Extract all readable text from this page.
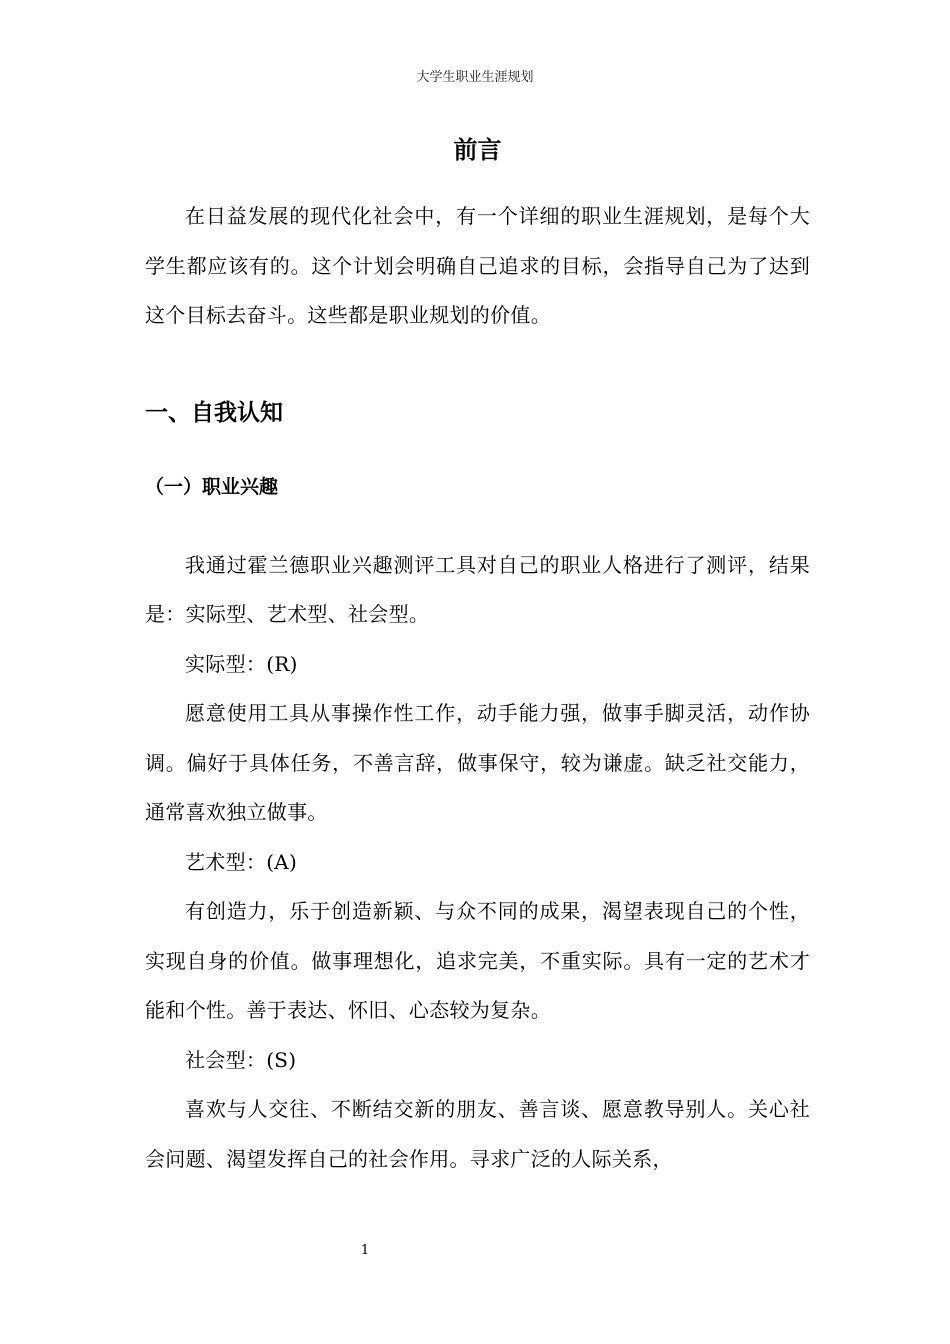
大学生职业生涯规划
前言

在日益发展的现代化社会中，有一个详细的职业生涯规划，是每个大学生都应该有的。这个计划会明确自己追求的目标，会指导自己为了达到这个目标去奋斗。这些都是职业规划的价值。

一、自我认知
（一）职业兴趣

我通过霍兰德职业兴趣测评工具对自己的职业人格进行了测评，结果是：实际型、艺术型、社会型。

实际型：(R)

愿意使用工具从事操作性工作，动手能力强，做事手脚灵活，动作协调。偏好于具体任务，不善言辞，做事保守，较为谦虚。缺乏社交能力，通常喜欢独立做事。

艺术型：(A)

有创造力，乐于创造新颖、与众不同的成果，渴望表现自己的个性，实现自身的价值。做事理想化，追求完美，不重实际。具有一定的艺术才能和个性。善于表达、怀旧、心态较为复杂。

社会型：(S)

喜欢与人交往、不断结交新的朋友、善言谈、愿意教导别人。关心社会问题、渴望发挥自己的社会作用。寻求广泛的人际关系，

1
